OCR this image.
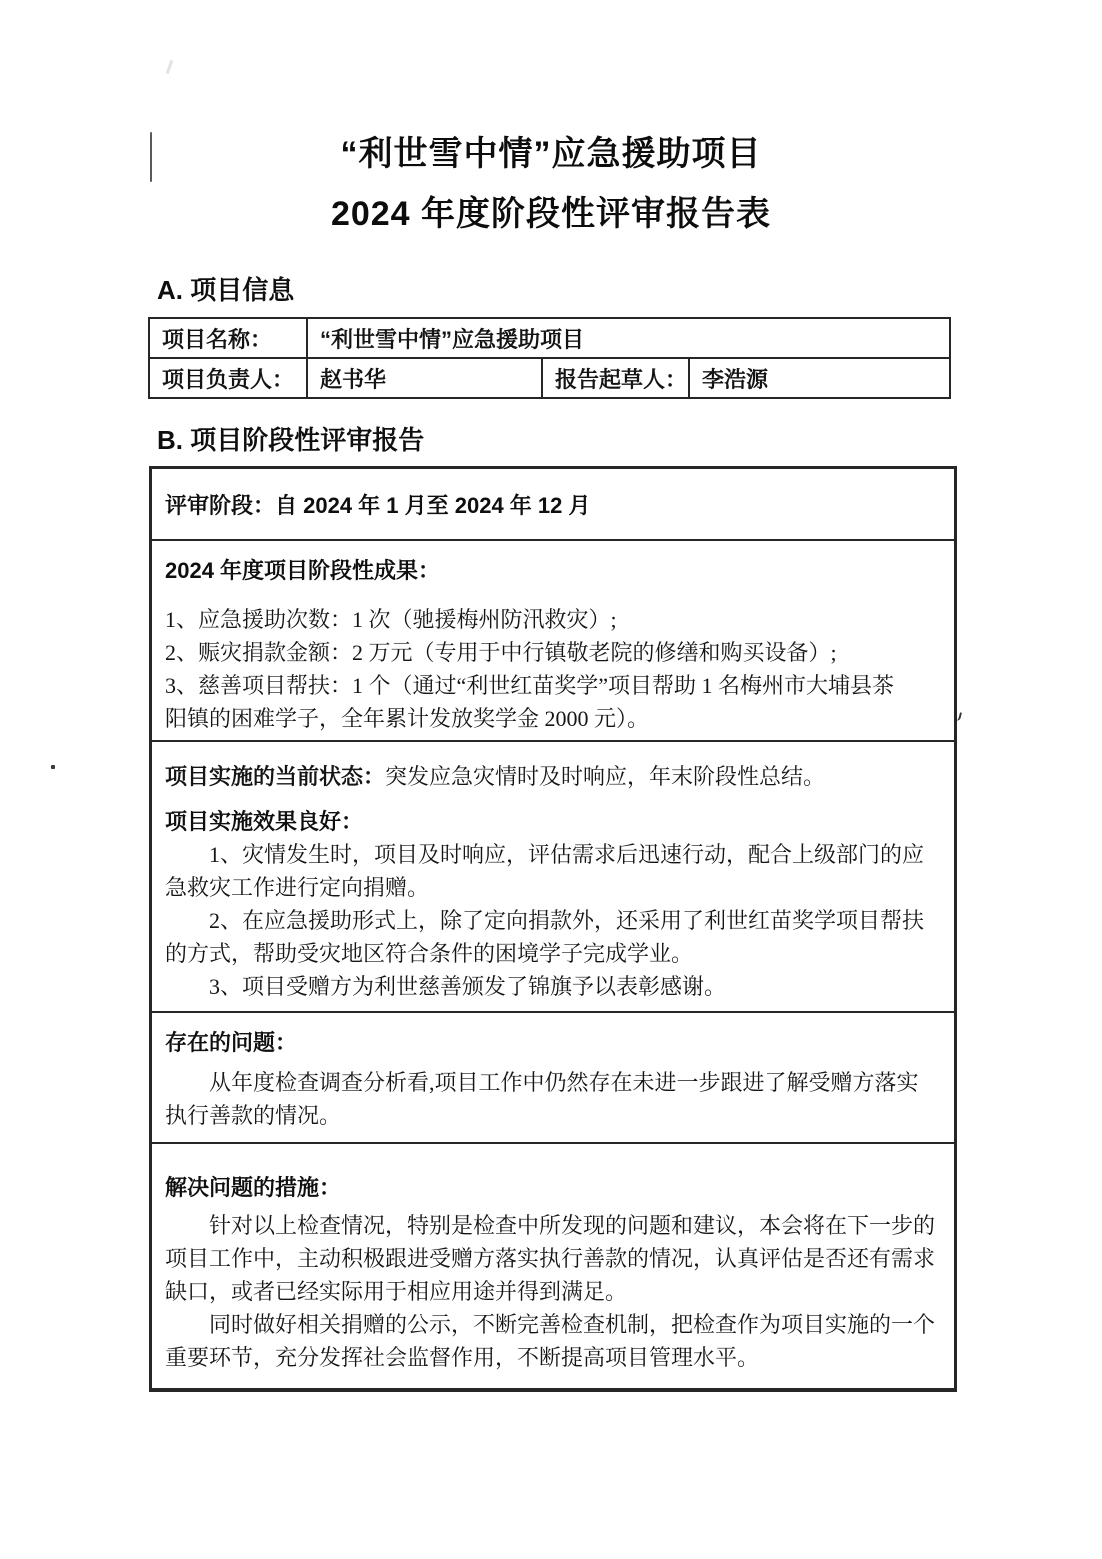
“利世雪中情”应急援助项目
2024 年度阶段性评审报告表
A. 项目信息
项目名称：	“利世雪中情”应急援助项目		
项目负责人：	赵书华	报告起草人：	李浩源
B. 项目阶段性评审报告
评审阶段：自 2024 年 1 月至 2024 年 12 月
2024 年度项目阶段性成果：
1、应急援助次数：1 次（驰援梅州防汛救灾）;
2、赈灾捐款金额：2 万元（专用于中行镇敬老院的修缮和购买设备）;
3、慈善项目帮扶：1 个（通过“利世红苗奖学”项目帮助 1 名梅州市大埔县茶
阳镇的困难学子，全年累计发放奖学金 2000 元）。
项目实施的当前状态：突发应急灾情时及时响应，年末阶段性总结。
项目实施效果良好：
1、灾情发生时，项目及时响应，评估需求后迅速行动，配合上级部门的应
急救灾工作进行定向捐赠。
2、在应急援助形式上，除了定向捐款外，还采用了利世红苗奖学项目帮扶
的方式，帮助受灾地区符合条件的困境学子完成学业。
3、项目受赠方为利世慈善颁发了锦旗予以表彰感谢。
存在的问题：
从年度检查调查分析看,项目工作中仍然存在未进一步跟进了解受赠方落实
执行善款的情况。
解决问题的措施：
针对以上检查情况，特别是检查中所发现的问题和建议，本会将在下一步的
项目工作中，主动积极跟进受赠方落实执行善款的情况，认真评估是否还有需求
缺口，或者已经实际用于相应用途并得到满足。
同时做好相关捐赠的公示，不断完善检查机制，把检查作为项目实施的一个
重要环节，充分发挥社会监督作用，不断提高项目管理水平。
